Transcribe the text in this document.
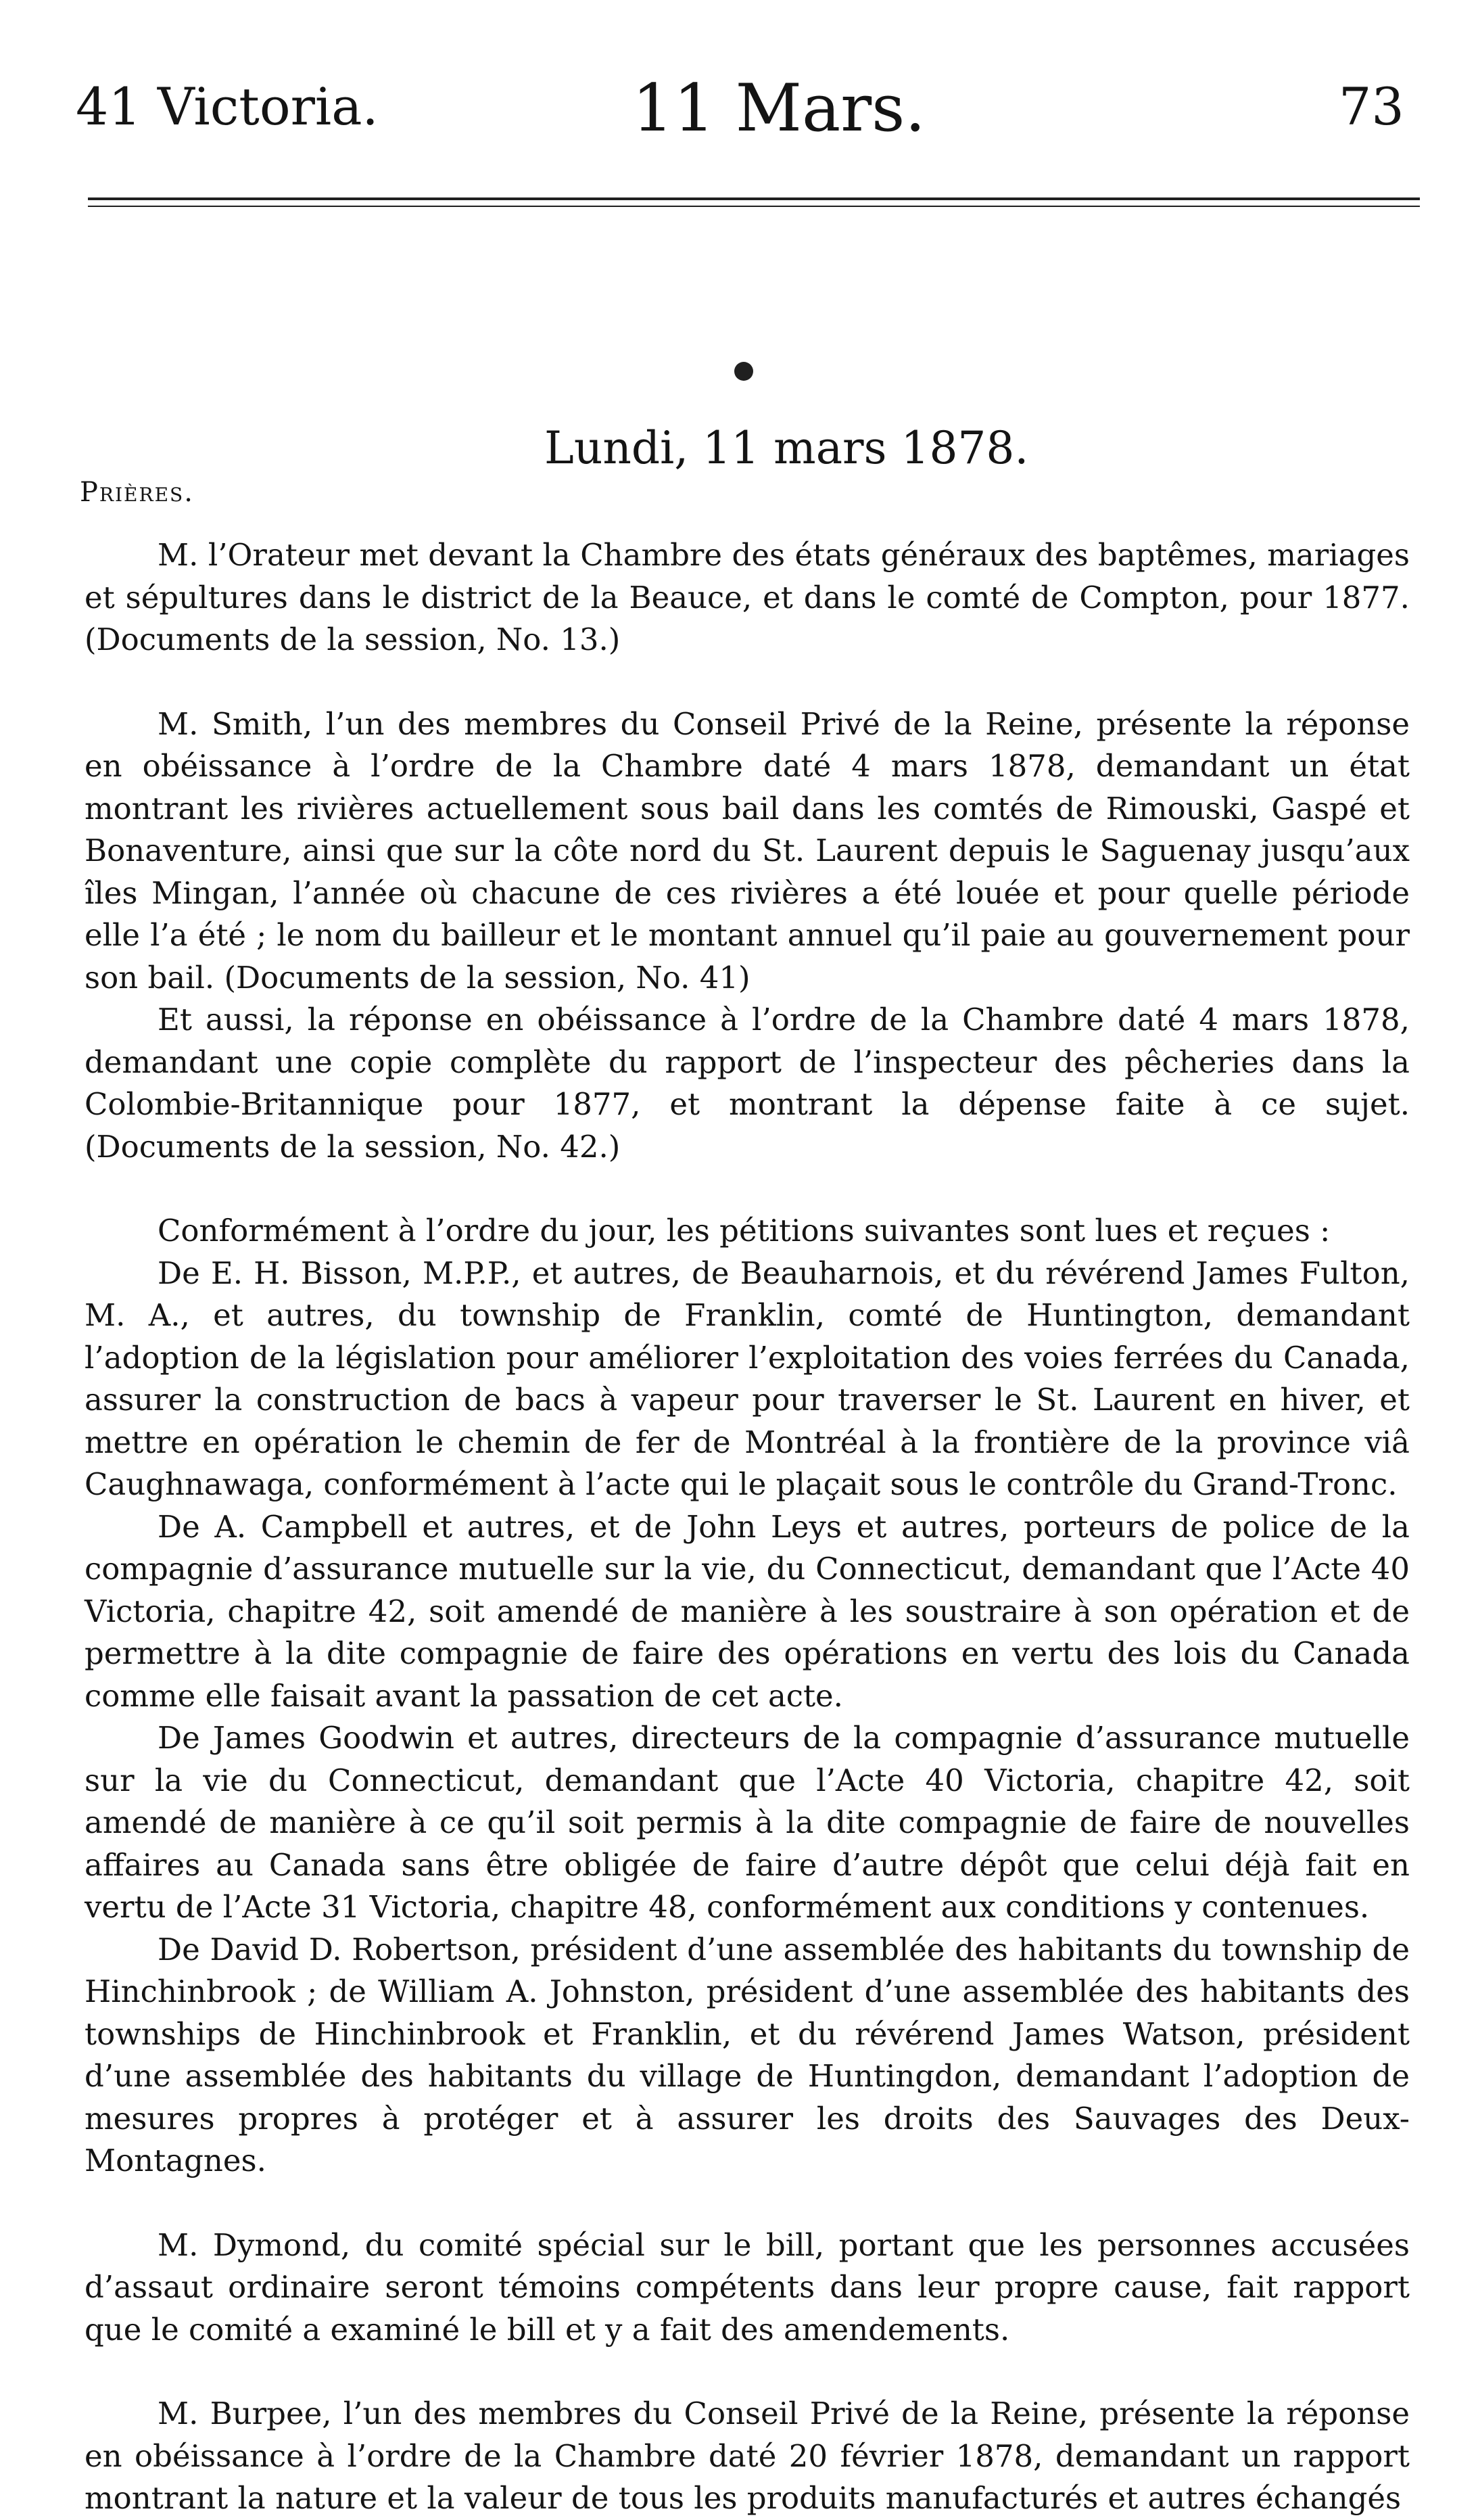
41 Victoria.	11 Mars.	73
Lundi, 11 mars 1878.
Prières.

M. l’Orateur met devant la Chambre des états généraux des baptêmes, mariages et sépultures dans le district de la Beauce, et dans le comté de Compton, pour 1877. (Documents de la session, No. 13.)

M. Smith, l’un des membres du Conseil Privé de la Reine, présente la réponse en obéissance à l’ordre de la Chambre daté 4 mars 1878, demandant un état montrant les rivières actuellement sous bail dans les comtés de Rimouski, Gaspé et Bonaventure, ainsi que sur la côte nord du St. Laurent depuis le Saguenay jusqu’aux îles Mingan, l’année où chacune de ces rivières a été louée et pour quelle période elle l’a été ; le nom du bailleur et le montant annuel qu’il paie au gouvernement pour son bail. (Documents de la session, No. 41)

Et aussi, la réponse en obéissance à l’ordre de la Chambre daté 4 mars 1878, demandant une copie complète du rapport de l’inspecteur des pêcheries dans la Colombie-Britannique pour 1877, et montrant la dépense faite à ce sujet. (Documents de la session, No. 42.)

Conformément à l’ordre du jour, les pétitions suivantes sont lues et reçues :

De E. H. Bisson, M.P.P., et autres, de Beauharnois, et du révérend James Fulton, M. A., et autres, du township de Franklin, comté de Huntington, demandant l’adoption de la législation pour améliorer l’exploitation des voies ferrées du Canada, assurer la construction de bacs à vapeur pour traverser le St. Laurent en hiver, et mettre en opération le chemin de fer de Montréal à la frontière de la province viâ Caughnawaga, conformément à l’acte qui le plaçait sous le contrôle du Grand-Tronc.

De A. Campbell et autres, et de John Leys et autres, porteurs de police de la compagnie d’assurance mutuelle sur la vie, du Connecticut, demandant que l’Acte 40 Victoria, chapitre 42, soit amendé de manière à les soustraire à son opération et de permettre à la dite compagnie de faire des opérations en vertu des lois du Canada comme elle faisait avant la passation de cet acte.

De James Goodwin et autres, directeurs de la compagnie d’assurance mutuelle sur la vie du Connecticut, demandant que l’Acte 40 Victoria, chapitre 42, soit amendé de manière à ce qu’il soit permis à la dite compagnie de faire de nouvelles affaires au Canada sans être obligée de faire d’autre dépôt que celui déjà fait en vertu de l’Acte 31 Victoria, chapitre 48, conformément aux conditions y contenues.

De David D. Robertson, président d’une assemblée des habitants du township de Hinchinbrook ; de William A. Johnston, président d’une assemblée des habitants des townships de Hinchinbrook et Franklin, et du révérend James Watson, président d’une assemblée des habitants du village de Huntingdon, demandant l’adoption de mesures propres à protéger et à assurer les droits des Sauvages des Deux-Montagnes.

M. Dymond, du comité spécial sur le bill, portant que les personnes accusées d’assaut ordinaire seront témoins compétents dans leur propre cause, fait rapport que le comité a examiné le bill et y a fait des amendements.

M. Burpee, l’un des membres du Conseil Privé de la Reine, présente la réponse en obéissance à l’ordre de la Chambre daté 20 février 1878, demandant un rapport montrant la nature et la valeur de tous les produits manufacturés et autres échangés
